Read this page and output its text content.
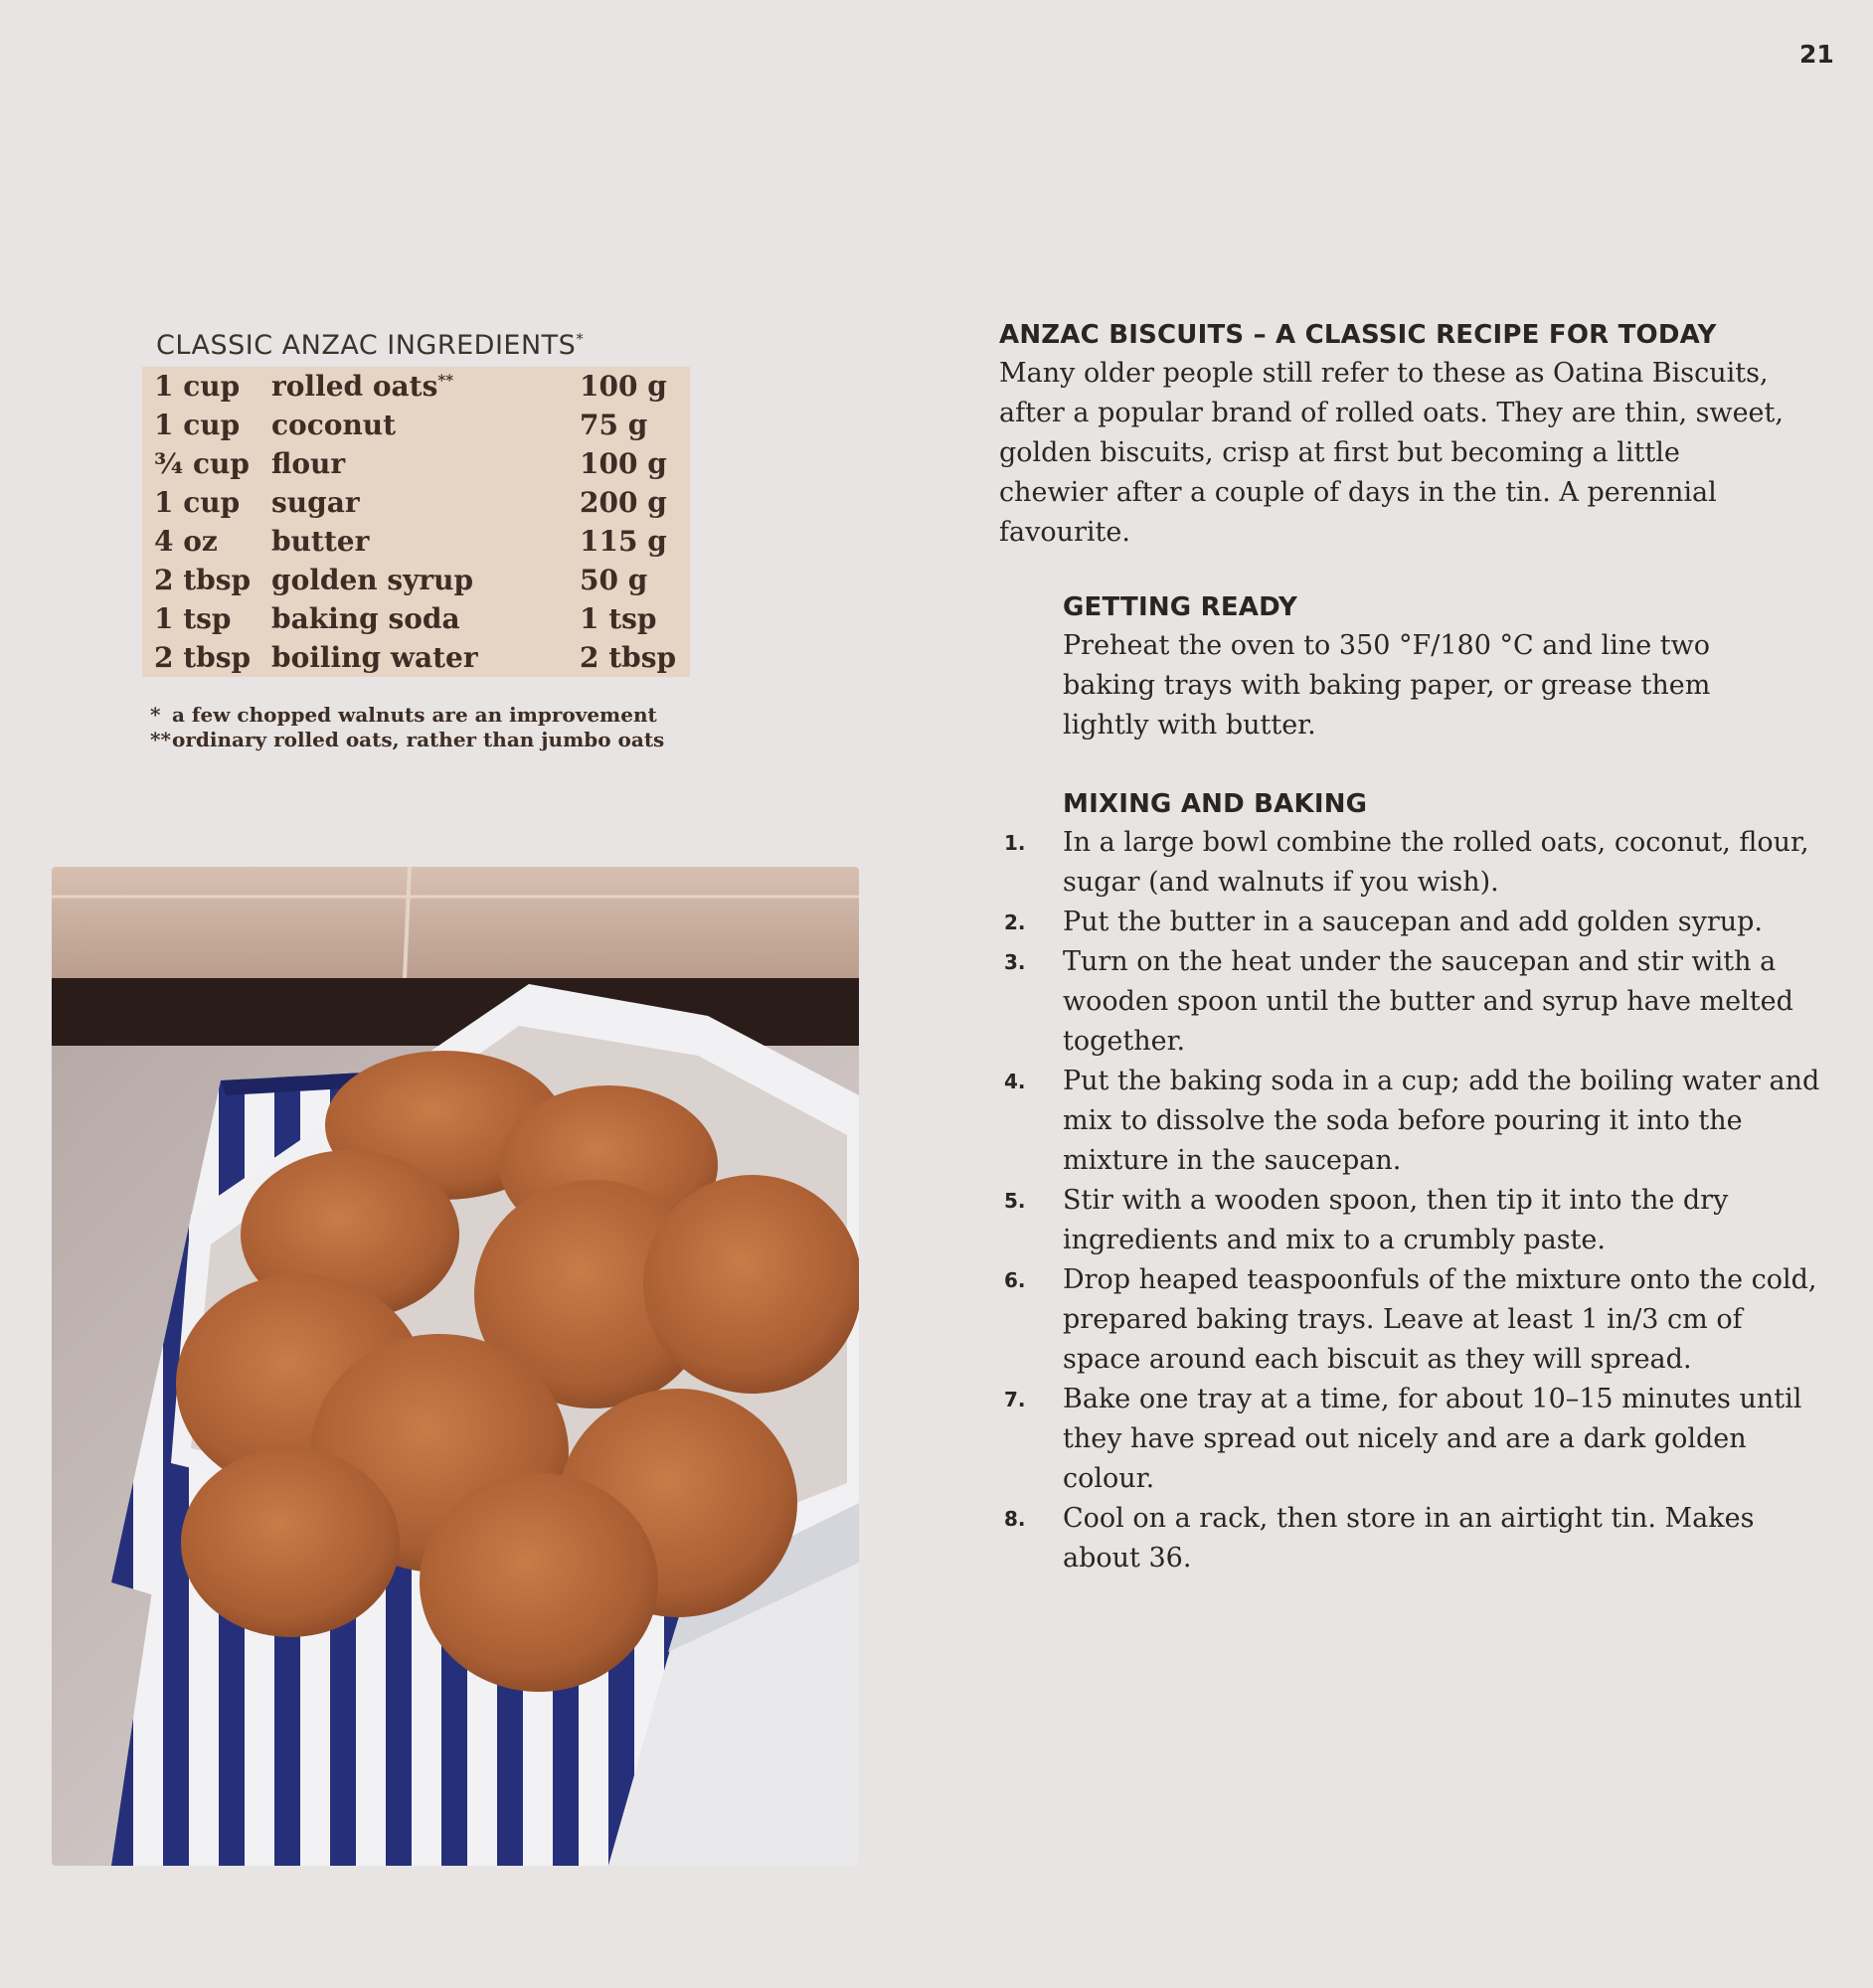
21
CLASSIC ANZAC INGREDIENTS*
1 cup	rolled oats**	100 g
1 cup	coconut	75 g
¾ cup	flour	100 g
1 cup	sugar	200 g
4 oz	butter	115 g
2 tbsp	golden syrup	50 g
1 tsp	baking soda	1 tsp
2 tbsp	boiling water	2 tbsp
* a few chopped walnuts are an improvement
**ordinary rolled oats, rather than jumbo oats
ANZAC BISCUITS – A CLASSIC RECIPE FOR TODAY

Many older people still refer to these as Oatina Biscuits, after a popular brand of rolled oats. They are thin, sweet, golden biscuits, crisp at first but becoming a little chewier after a couple of days in the tin. A perennial favourite.

GETTING READY

Preheat the oven to 350 °F/180 °C and line two baking trays with baking paper, or grease them lightly with butter.

MIXING AND BAKING
1.	In a large bowl combine the rolled oats, coconut, flour, sugar (and walnuts if you wish).
2.	Put the butter in a saucepan and add golden syrup.
3.	Turn on the heat under the saucepan and stir with a wooden spoon until the butter and syrup have melted together.
4.	Put the baking soda in a cup; add the boiling water and mix to dissolve the soda before pouring it into the mixture in the saucepan.
5.	Stir with a wooden spoon, then tip it into the dry ingredients and mix to a crumbly paste.
6.	Drop heaped teaspoonfuls of the mixture onto the cold, prepared baking trays. Leave at least 1 in/3 cm of space around each biscuit as they will spread.
7.	Bake one tray at a time, for about 10–15 minutes until they have spread out nicely and are a dark golden colour.
8.	Cool on a rack, then store in an airtight tin. Makes about 36.
